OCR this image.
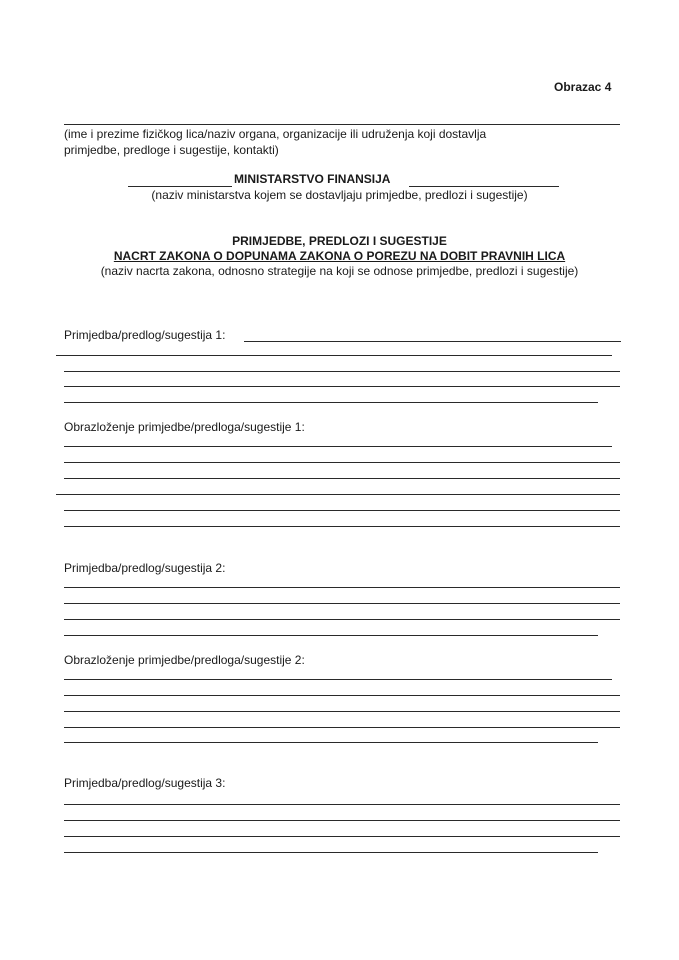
Obrazac 4
(ime i prezime fizičkog lica/naziv organa, organizacije ili udruženja koji dostavlja
primjedbe, predloge i sugestije, kontakti)
MINISTARSTVO FINANSIJA
(naziv ministarstva kojem se dostavljaju primjedbe, predlozi i sugestije)
PRIMJEDBE, PREDLOZI I SUGESTIJE
NACRT ZAKONA O DOPUNAMA ZAKONA O POREZU NA DOBIT PRAVNIH LICA
(naziv nacrta zakona, odnosno strategije na koji se odnose primjedbe, predlozi i sugestije)
Primjedba/predlog/sugestija 1:
Obrazloženje primjedbe/predloga/sugestije 1:
Primjedba/predlog/sugestija 2:
Obrazloženje primjedbe/predloga/sugestije 2:
Primjedba/predlog/sugestija 3:
